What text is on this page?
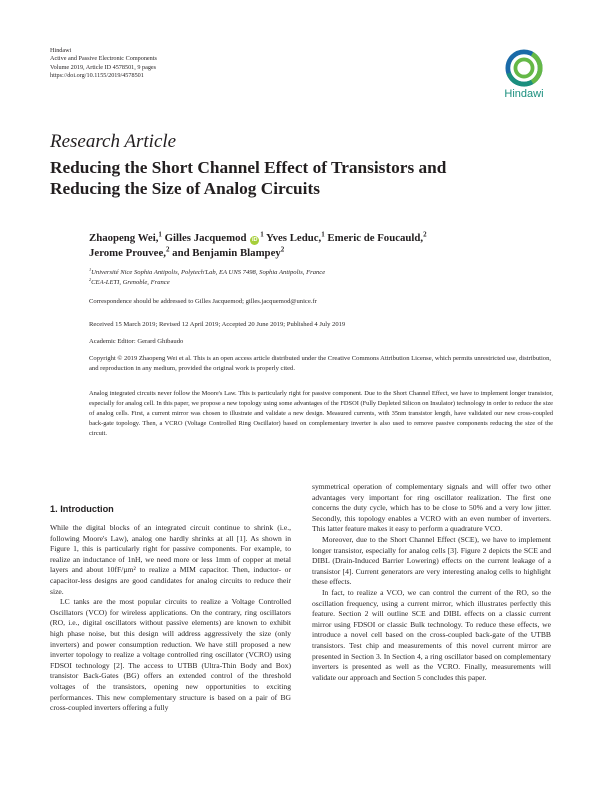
Hindawi
Active and Passive Electronic Components
Volume 2019, Article ID 4578501, 9 pages
https://doi.org/10.1155/2019/4578501
Hindawi
Research Article
Reducing the Short Channel Effect of Transistors and
Reducing the Size of Analog Circuits
Zhaopeng Wei,$^1$ Gilles Jacquemod $iD^1$ Yves Leduc,$^1$ Emeric de Foucauld,$^2$
Jerome Prouvee,$^2$ and Benjamin Blampey$^2$
$^1$Université Nice Sophia Antipolis, Polytech'Lab, EA UNS 7498, Sophia Antipolis, France
$^2$CEA-LETI, Grenoble, France
Correspondence should be addressed to Gilles Jacquemod; gilles.jacquemod@unice.fr
Received 15 March 2019; Revised 12 April 2019; Accepted 20 June 2019; Published 4 July 2019
Academic Editor: Gerard Ghibaudo
Copyright © 2019 Zhaopeng Wei et al. This is an open access article distributed under the Creative Commons Attribution License, which permits unrestricted use, distribution, and reproduction in any medium, provided the original work is properly cited.
Analog integrated circuits never follow the Moore's Law. This is particularly right for passive component. Due to the Short Channel Effect, we have to implement longer transistor, especially for analog cell. In this paper, we propose a new topology using some advantages of the FDSOI (Fully Depleted Silicon on Insulator) technology in order to reduce the size of analog cells. First, a current mirror was chosen to illustrate and validate a new design. Measured currents, with 35nm transistor length, have validated our new cross-coupled back-gate topology. Then, a VCRO (Voltage Controlled Ring Oscillator) based on complementary inverter is also used to remove passive components reducing the size of the circuit.
1. Introduction

While the digital blocks of an integrated circuit continue to shrink (i.e., following Moore's Law), analog one hardly shrinks at all [1]. As shown in Figure 1, this is particularly right for passive components. For example, to realize an inductance of 1nH, we need more or less 1mm of copper at metal layers and about 10fF/µm² to realize a MIM capacitor. Then, inductor- or capacitor-less designs are good candidates for analog circuits to reduce their size.

LC tanks are the most popular circuits to realize a Voltage Controlled Oscillators (VCO) for wireless applications. On the contrary, ring oscillators (RO, i.e., digital oscillators without passive elements) are known to exhibit high phase noise, but this design will address aggressively the size (only inverters) and power consumption reduction. We have still proposed a new inverter topology to realize a voltage controlled ring oscillator (VCRO) using FDSOI technology [2]. The access to UTBB (Ultra-Thin Body and Box) transistor Back-Gates (BG) offers an extended control of the threshold voltages of the transistors, opening new opportunities to exciting performances. This new complementary structure is based on a pair of BG cross-coupled inverters offering a fully

symmetrical operation of complementary signals and will offer two other advantages very important for ring oscillator realization. The first one concerns the duty cycle, which has to be close to 50% and a very low jitter. Secondly, this topology enables a VCRO with an even number of inverters. This latter feature makes it easy to perform a quadrature VCO.

Moreover, due to the Short Channel Effect (SCE), we have to implement longer transistor, especially for analog cells [3]. Figure 2 depicts the SCE and DIBL (Drain-Induced Barrier Lowering) effects on the current leakage of a transistor [4]. Current generators are very interesting analog cells to highlight these effects.

In fact, to realize a VCO, we can control the current of the RO, so the oscillation frequency, using a current mirror, which illustrates perfectly this feature. Section 2 will outline SCE and DIBL effects on a classic current mirror using FDSOI or classic Bulk technology. To reduce these effects, we introduce a novel cell based on the cross-coupled back-gate of the UTBB transistors. Test chip and measurements of this novel current mirror are presented in Section 3. In Section 4, a ring oscillator based on complementary inverters is presented as well as the VCRO. Finally, measurements will validate our approach and Section 5 concludes this paper.
